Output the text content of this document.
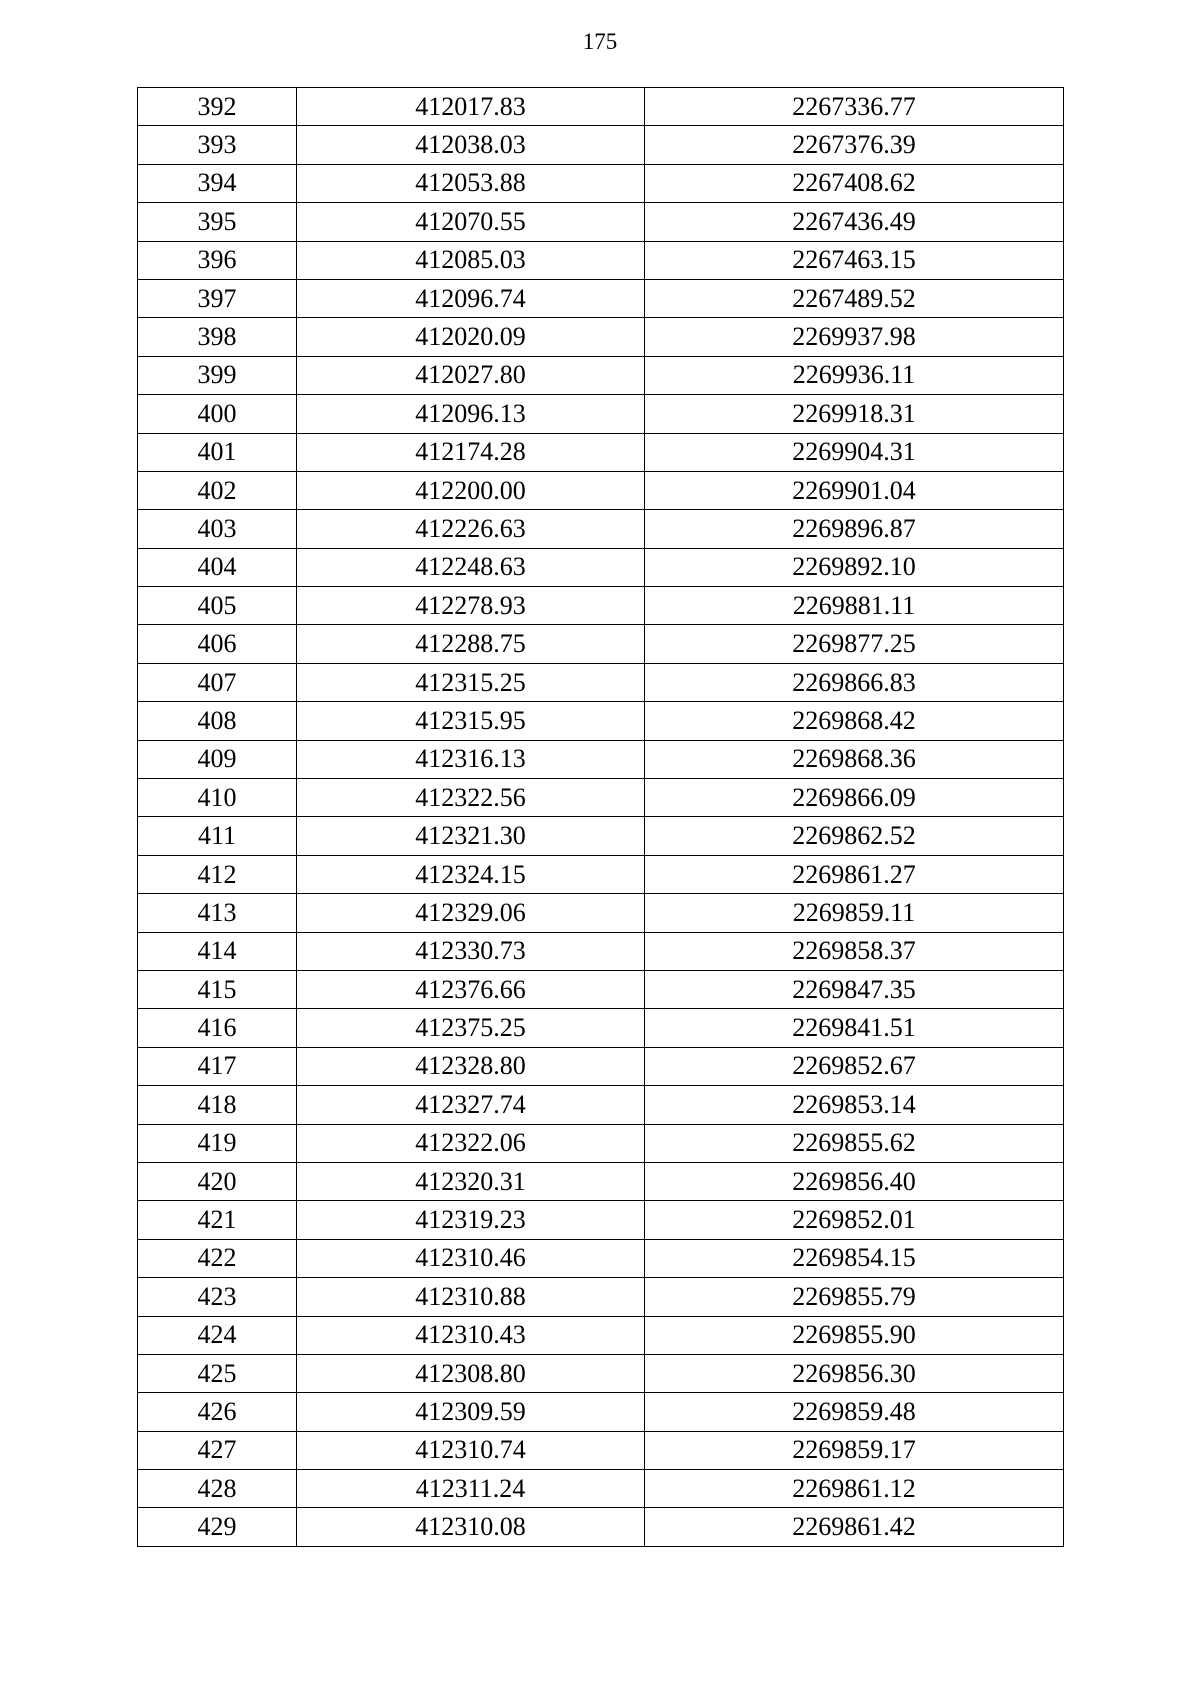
175
392	412017.83	2267336.77
393	412038.03	2267376.39
394	412053.88	2267408.62
395	412070.55	2267436.49
396	412085.03	2267463.15
397	412096.74	2267489.52
398	412020.09	2269937.98
399	412027.80	2269936.11
400	412096.13	2269918.31
401	412174.28	2269904.31
402	412200.00	2269901.04
403	412226.63	2269896.87
404	412248.63	2269892.10
405	412278.93	2269881.11
406	412288.75	2269877.25
407	412315.25	2269866.83
408	412315.95	2269868.42
409	412316.13	2269868.36
410	412322.56	2269866.09
411	412321.30	2269862.52
412	412324.15	2269861.27
413	412329.06	2269859.11
414	412330.73	2269858.37
415	412376.66	2269847.35
416	412375.25	2269841.51
417	412328.80	2269852.67
418	412327.74	2269853.14
419	412322.06	2269855.62
420	412320.31	2269856.40
421	412319.23	2269852.01
422	412310.46	2269854.15
423	412310.88	2269855.79
424	412310.43	2269855.90
425	412308.80	2269856.30
426	412309.59	2269859.48
427	412310.74	2269859.17
428	412311.24	2269861.12
429	412310.08	2269861.42
